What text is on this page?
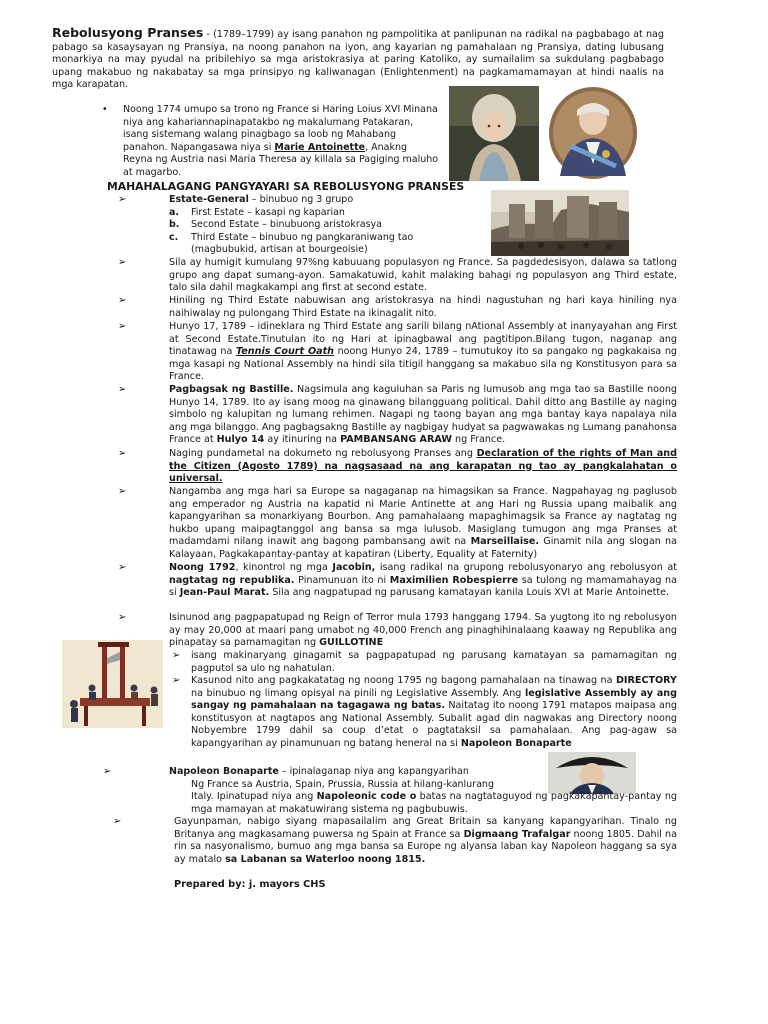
Rebolusyong Pranses - (1789–1799) ay isang panahon ng pampolitika at panlipunan na radikal na pagbabago at nag pabago sa kasaysayan ng Pransiya, na noong panahon na iyon, ang kayarian ng pamahalaan ng Pransiya, dating lubusang monarkiya na may pyudal na pribilehiyo sa mga aristokrasiya at paring Katoliko, ay sumailalim sa sukdulang pagbabago upang makabuo ng nakabatay sa mga prinsipyo ng kaliwanagan (Enlightenment) na pagkamamamayan at hindi naalis na mga karapatan.
• Noong 1774 umupo sa trono ng France si Haring Loius XVI Minana niya ang kahariannapinapatakbo ng makalumang Patakaran, isang sistemang walang pinagbago sa loob ng Mahabang panahon. Napangasawa niya si Marie Antoinette, Anakng Reyna ng Austria nasi Maria Theresa ay killala sa Pagiging maluho at magarbo.
MAHAHALAGANG PANGYAYARI SA REBOLUSYONG PRANSES
➢	Estate-General – binubuo ng 3 grupo
a. First Estate – kasapi ng kaparian
b. Second Estate – binubuong aristokrasya
c. Third Estate – binubuo ng pangkaraniwang tao
(magbubukid, artisan at bourgeoisie)
➢	Sila ay humigit kumulang 97%ng kabuuang populasyon ng France. Sa pagdedesisyon, dalawa sa tatlong grupo ang dapat sumang-ayon. Samakatuwid, kahit malaking bahagi ng populasyon ang Third estate, talo sila dahil magkakampi ang first at second estate.
➢	Hiniling ng Third Estate nabuwisan ang aristokrasya na hindi nagustuhan ng hari kaya hiniling nya naihiwalay ng pulongang Third Estate na ikinagalit nito.
➢	Hunyo 17, 1789 – idineklara ng Third Estate ang sarili bilang nAtional Assembly at inanyayahan ang First at Second Estate.Tinutulan ito ng Hari at ipinagbawal ang pagtitipon.Bilang tugon, naganap ang tinatawag na Tennis Court Oath noong Hunyo 24, 1789 – tumutukoy ito sa pangako ng pagkakaisa ng mga kasapi ng National Assembly na hindi sila titigil hanggang sa makabuo sila ng Konstitusyon para sa France.
➢	Pagbagsak ng Bastille. Nagsimula ang kaguluhan sa Paris ng lumusob ang mga tao sa Bastille noong Hunyo 14, 1789. Ito ay isang moog na ginawang bilangguang political. Dahil ditto ang Bastille ay naging simbolo ng kalupitan ng lumang rehimen. Nagapi ng taong bayan ang mga bantay kaya napalaya nila ang mga bilanggo. Ang pagbagsakng Bastille ay nagbigay hudyat sa pagwawakas ng Lumang panahonsa France at Hulyo 14 ay itinuring na PAMBANSANG ARAW ng France.
➢	Naging pundametal na dokumeto ng rebolusyong Pranses ang Declaration of the rights of Man and the Citizen (Agosto 1789) na nagsasaad na ang karapatan ng tao ay pangkalahatan o universal.
➢	Nangamba ang mga hari sa Europe sa nagaganap na himagsikan sa France. Nagpahayag ng paglusob ang emperador ng Austria na kapatid ni Marie Antinette at ang Hari ng Russia upang maibalik ang kapangyarihan sa monarkiyang Bourbon. Ang pamahalaang mapaghimagsik sa France ay nagtatag ng hukbo upang maipagtanggol ang bansa sa mga lulusob. Masiglang tumugon ang mga Pranses at madamdami nilang inawit ang bagong pambansang awit na Marseillaise. Ginamit nila ang slogan na Kalayaan, Pagkakapantay-pantay at kapatiran (Liberty, Equality at Faternity)
➢	Noong 1792, kinontrol ng mga Jacobin, isang radikal na grupong rebolusyonaryo ang rebolusyon at nagtatag ng republika. Pinamunuan ito ni Maximilien Robespierre sa tulong ng mamamahayag na si Jean-Paul Marat. Sila ang nagpatupad ng parusang kamatayan kanila Louis XVI at Marie Antoinette.
➢	Isinunod ang pagpapatupad ng Reign of Terror mula 1793 hanggang 1794. Sa yugtong ito ng rebolusyon ay may 20,000 at maari pang umabot ng 40,000 French ang pinaghihinalaang kaaway ng Republika ang pinapatay sa pamamagitan ng GUILLOTINE
➢ isang makinaryang ginagamit sa pagpapatupad ng parusang kamatayan sa pamamagitan ng pagputol sa ulo ng nahatulan.
➢ Kasunod nito ang pagkakatatag ng noong 1795 ng bagong pamahalaan na tinawag na DIRECTORY na binubuo ng limang opisyal na pinili ng Legislative Assembly. Ang legislative Assembly ay ang sangay ng pamahalaan na tagagawa ng batas. Naitatag ito noong 1791 matapos maipasa ang konstitusyon at nagtapos ang National Assembly. Subalit agad din nagwakas ang Directory noong Nobyembre 1799 dahil sa coup d’etat o pagtataksil sa pamahalaan. Ang pag-agaw sa kapangyarihan ay pinamunuan ng batang heneral na si Napoleon Bonaparte
➢	Napoleon Bonaparte – ipinalaganap niya ang kapangyarihan
Ng France sa Austria, Spain, Prussia, Russia at hilang-kanlurang
Italy. Ipinatupad niya ang Napoleonic code o batas na nagtataguyod ng pagkakapantay-pantay ng mga mamayan at makatuwirang sistema ng pagbubuwis.
➢	Gayunpaman, nabigo siyang mapasailalim ang Great Britain sa kanyang kapangyarihan. Tinalo ng Britanya ang magkasamang puwersa ng Spain at France sa Digmaang Trafalgar noong 1805. Dahil na rin sa nasyonalismo, bumuo ang mga bansa sa Europe ng alyansa laban kay Napoleon haggang sa sya ay matalo sa Labanan sa Waterloo noong 1815.
Prepared by: j. mayors CHS
